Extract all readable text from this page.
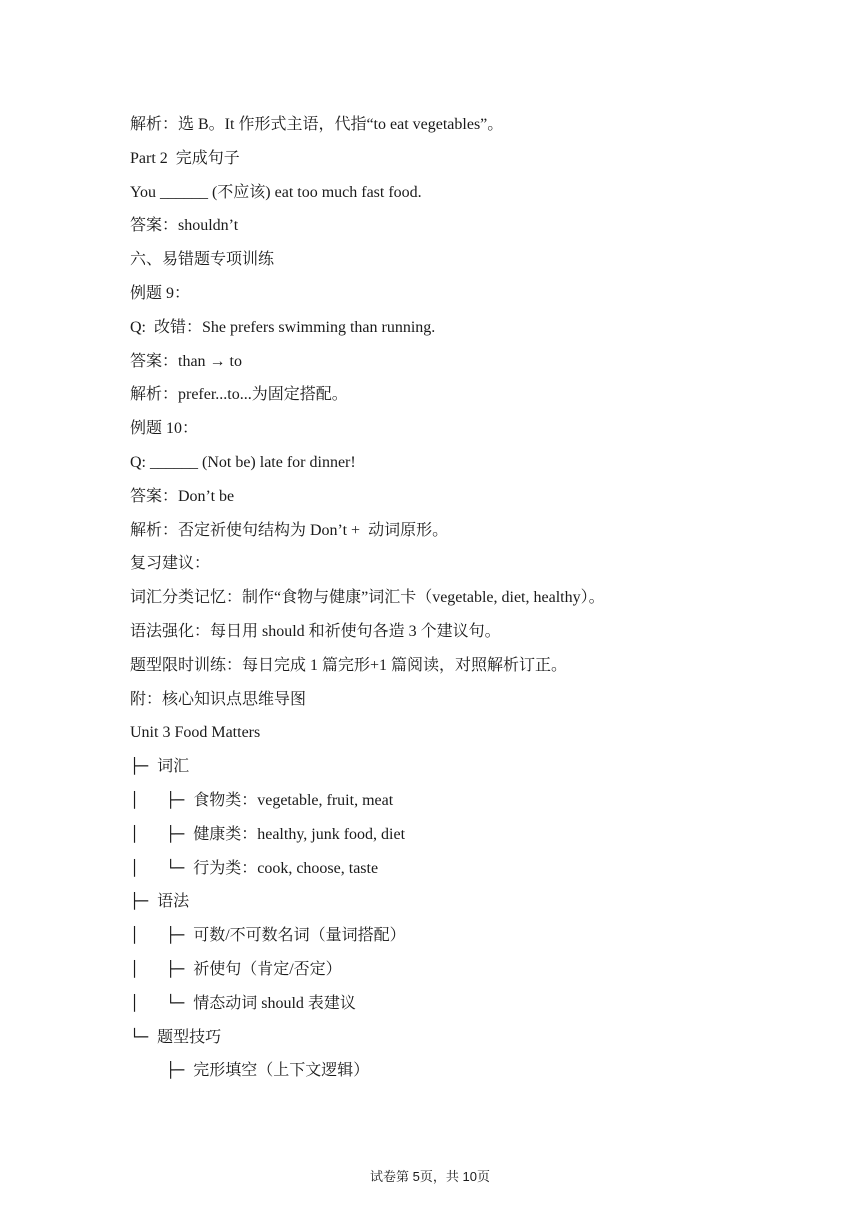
解析：选 B。It 作形式主语，代指“to eat vegetables”。
Part 2  完成句子
You ______ (不应该) eat too much fast food.
答案：shouldn’t
六、易错题专项训练
例题 9：
Q:  改错：She prefers swimming than running.
答案：than → to
解析：prefer...to...为固定搭配。
例题 10：
Q: ______ (Not be) late for dinner!
答案：Don’t be
解析：否定祈使句结构为 Don’t +  动词原形。
复习建议：
词汇分类记忆：制作“食物与健康”词汇卡（vegetable, diet, healthy）。
语法强化：每日用 should 和祈使句各造 3 个建议句。
题型限时训练：每日完成 1 篇完形+1 篇阅读，对照解析订正。
附：核心知识点思维导图
Unit 3 Food Matters
├─ 词汇
│   ├─ 食物类：vegetable, fruit, meat
│   ├─ 健康类：healthy, junk food, diet
│   └─ 行为类：cook, choose, taste
├─ 语法
│   ├─ 可数/不可数名词（量词搭配）
│   ├─ 祈使句（肯定/否定）
│   └─ 情态动词 should 表建议
└─ 题型技巧
├─ 完形填空（上下文逻辑）
试卷第 5页，共 10页
